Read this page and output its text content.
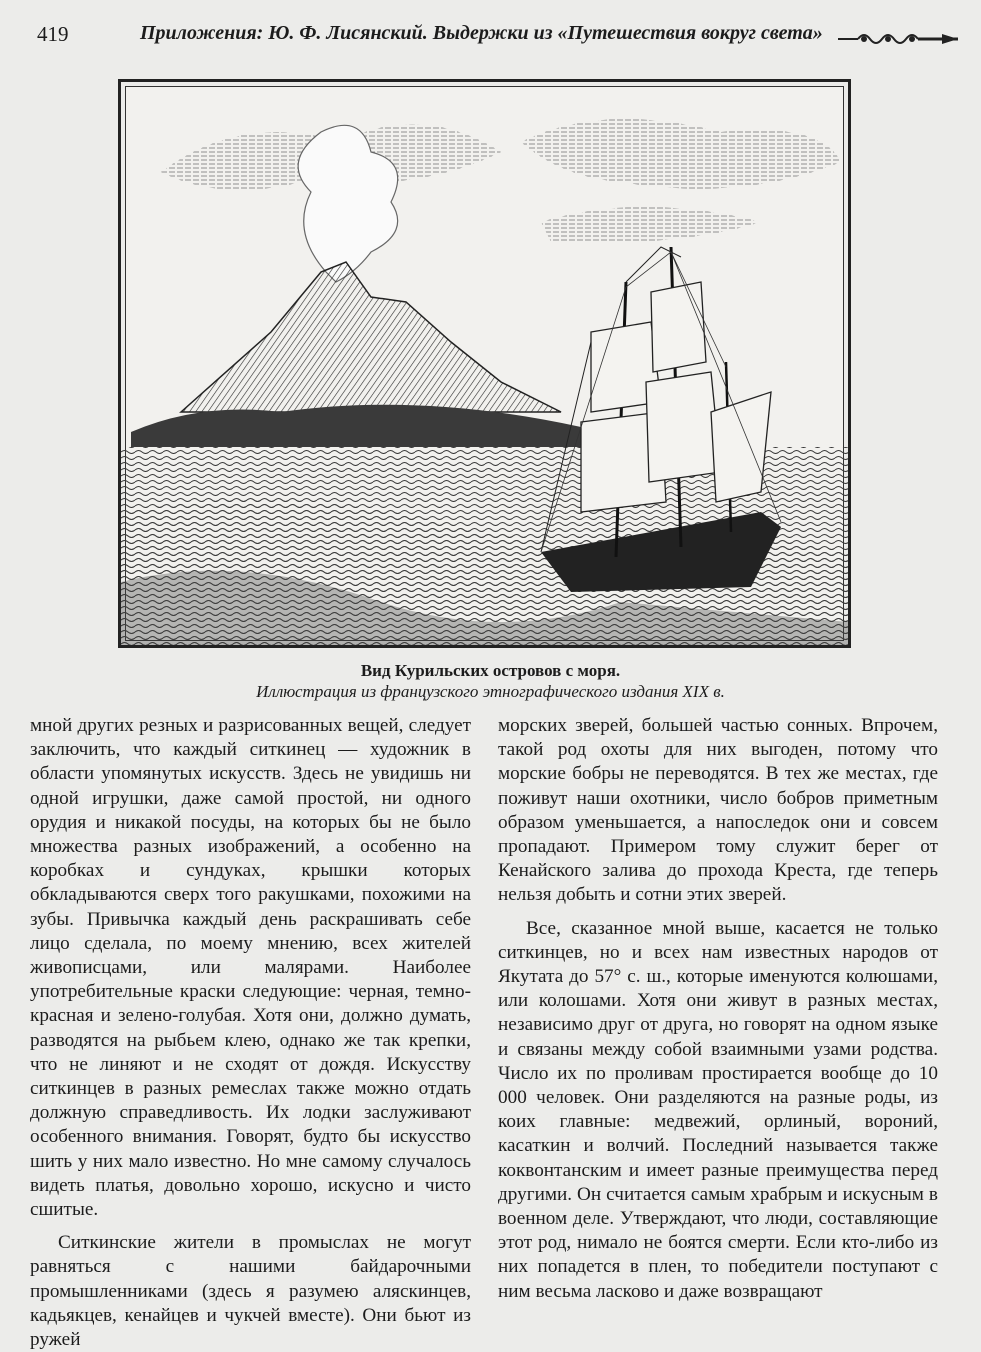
419	Приложения: Ю. Ф. Лисянский. Выдержки из «Путешествия вокруг света»
Вид Курильских островов с моря.
Иллюстрация из французского этнографического издания XIX в.

мной других резных и разрисованных вещей, следует заключить, что каждый ситкинец — художник в области упомянутых искусств. Здесь не увидишь ни одной игрушки, даже самой простой, ни одного орудия и никакой посуды, на которых бы не было множества разных изображений, а особенно на коробках и сундуках, крышки которых обкладываются сверх того ракушками, похожими на зубы. Привычка каждый день раскрашивать себе лицо сделала, по моему мнению, всех жителей живописцами, или малярами. Наиболее употребительные краски следующие: черная, темно-красная и зелено-голубая. Хотя они, должно думать, разводятся на рыбьем клею, однако же так крепки, что не линяют и не сходят от дождя. Искусству ситкинцев в разных ремеслах также можно отдать должную справедливость. Их лодки заслуживают особенного внимания. Говорят, будто бы искусство шить у них мало известно. Но мне самому случалось видеть платья, довольно хорошо, искусно и чисто сшитые.

Ситкинские жители в промыслах не могут равняться с нашими байдарочными промышленниками (здесь я разумею аляскинцев, кадьякцев, кенайцев и чукчей вместе). Они бьют из ружей

морских зверей, большей частью сонных. Впрочем, такой род охоты для них выгоден, потому что морские бобры не переводятся. В тех же местах, где поживут наши охотники, число бобров приметным образом уменьшается, а напоследок они и совсем пропадают. Примером тому служит берег от Кенайского залива до прохода Креста, где теперь нельзя добыть и сотни этих зверей.

Все, сказанное мной выше, касается не только ситкинцев, но и всех нам известных народов от Якутата до 57° с. ш., которые именуются колюшами, или колошами. Хотя они живут в разных местах, независимо друг от друга, но говорят на одном языке и связаны между собой взаимными узами родства. Число их по проливам простирается вообще до 10 000 человек. Они разделяются на разные роды, из коих главные: медвежий, орлиный, вороний, касаткин и волчий. Последний называется также коквонтанским и имеет разные преимущества перед другими. Он считается самым храбрым и искусным в военном деле. Утверждают, что люди, составляющие этот род, нимало не боятся смерти. Если кто-либо из них попадется в плен, то победители поступают с ним весьма ласково и даже возвращают
